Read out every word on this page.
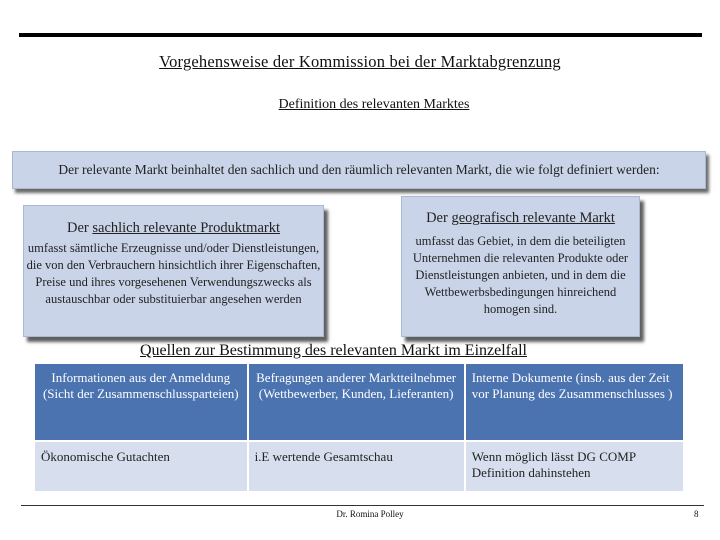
Vorgehensweise der Kommission bei der Marktabgrenzung
Definition des relevanten Marktes
Der relevante Markt beinhaltet den sachlich und den räumlich relevanten Markt, die wie folgt definiert werden:
Der sachlich relevante Produktmarkt
umfasst sämtliche Erzeugnisse und/oder Dienstleistungen, die von den Verbrauchern hinsichtlich ihrer Eigenschaften, Preise und ihres vorgesehenen Verwendungszwecks als austauschbar oder substituierbar angesehen werden
Der geografisch relevante Markt
umfasst das Gebiet, in dem die beteiligten Unternehmen die relevanten Produkte oder Dienstleistungen anbieten, und in dem die Wettbewerbsbedingungen hinreichend homogen sind.
Quellen zur Bestimmung des relevanten Markt im Einzelfall
Informationen aus der Anmeldung (Sicht der Zusammenschlussparteien)	Befragungen anderer Marktteilnehmer (Wettbewerber, Kunden, Lieferanten)	Interne Dokumente (insb. aus der Zeit vor Planung des Zusammenschlusses )
Ökonomische Gutachten	i.E wertende Gesamtschau	Wenn möglich lässt DG COMP Definition dahinstehen
Dr. Romina Polley	8
